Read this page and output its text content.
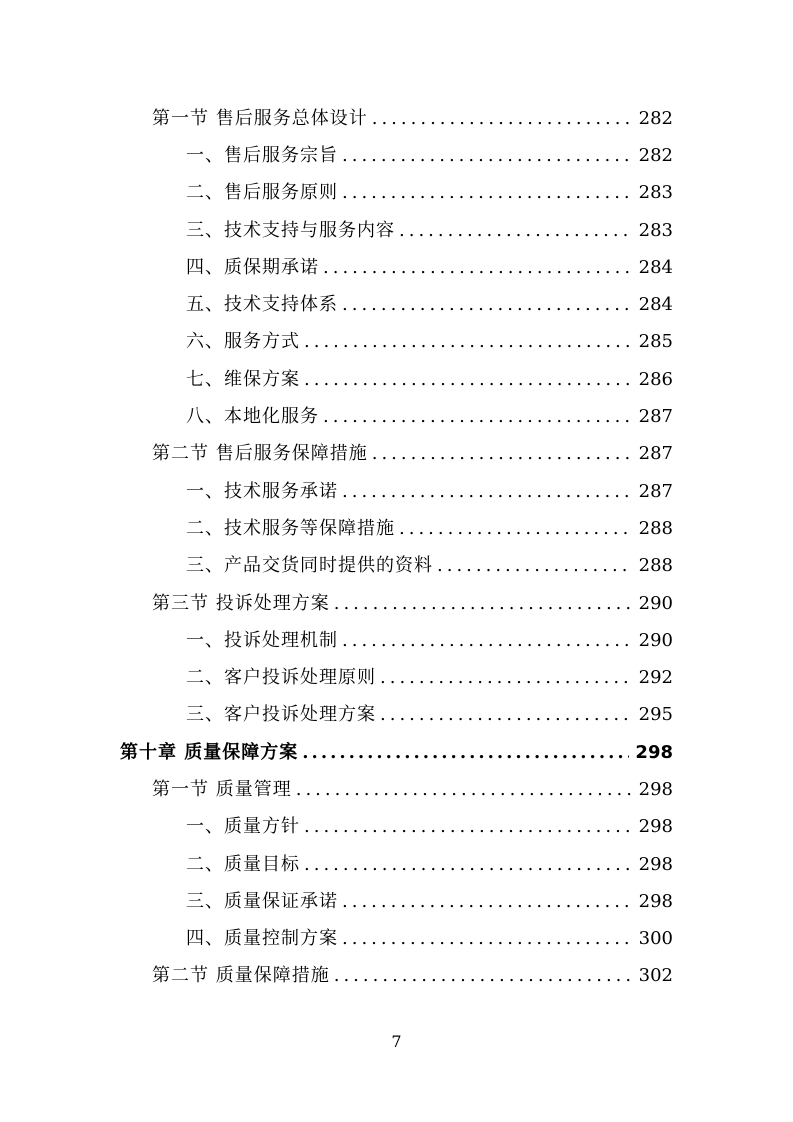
第一节 售后服务总体设计 .....	282
一、售后服务宗旨 .....	282
二、售后服务原则 .....	283
三、技术支持与服务内容 .....	283
四、质保期承诺 .....	284
五、技术支持体系 .....	284
六、服务方式 .....	285
七、维保方案 .....	286
八、本地化服务 .....	287
第二节 售后服务保障措施 .....	287
一、技术服务承诺 .....	287
二、技术服务等保障措施 .....	288
三、产品交货同时提供的资料 .....	288
第三节 投诉处理方案 .....	290
一、投诉处理机制 .....	290
二、客户投诉处理原则 .....	292
三、客户投诉处理方案 .....	295
第十章 质量保障方案 .....	298
第一节 质量管理 .....	298
一、质量方针 .....	298
二、质量目标 .....	298
三、质量保证承诺 .....	298
四、质量控制方案 .....	300
第二节 质量保障措施 .....	302
7
